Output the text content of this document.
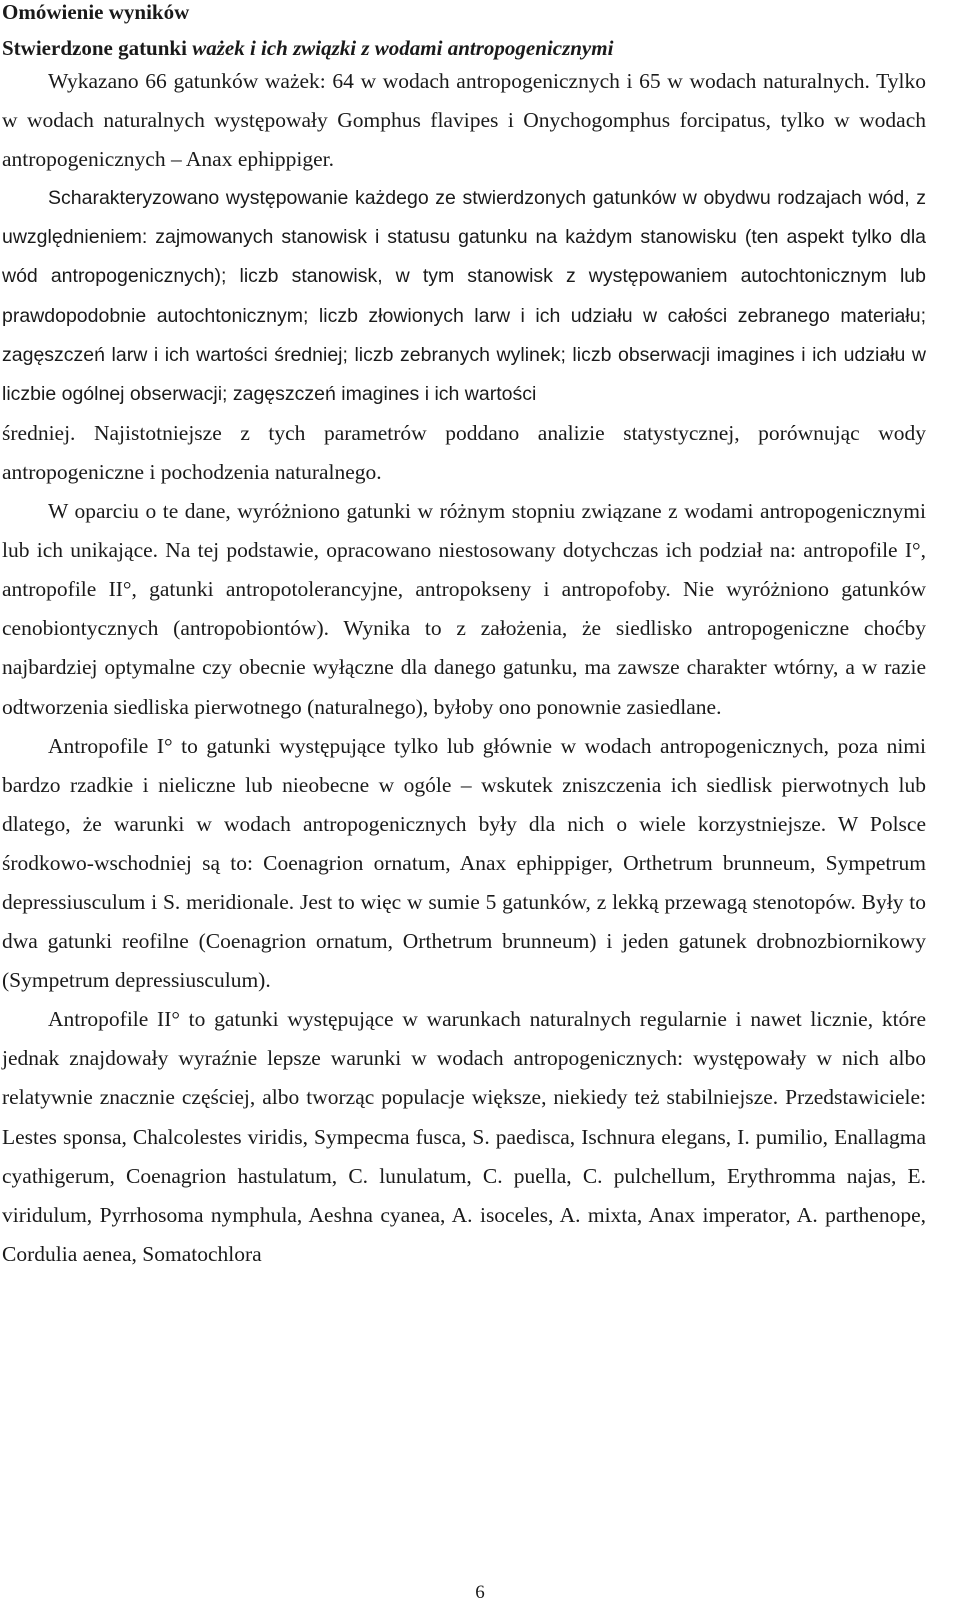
Omówienie wyników
Stwierdzone gatunki ważek i ich związki z wodami antropogenicznymi

Wykazano 66 gatunków ważek: 64 w wodach antropogenicznych i 65 w wodach naturalnych. Tylko w wodach naturalnych występowały Gomphus flavipes i Onychogomphus forcipatus, tylko w wodach antropogenicznych – Anax ephippiger.

Scharakteryzowano występowanie każdego ze stwierdzonych gatunków w obydwu rodzajach wód, z uwzględnieniem: zajmowanych stanowisk i statusu gatunku na każdym stanowisku (ten aspekt tylko dla wód antropogenicznych); liczb stanowisk, w tym stanowisk z występowaniem autochtonicznym lub prawdopodobnie autochtonicznym; liczb złowionych larw i ich udziału w całości zebranego materiału; zagęszczeń larw i ich wartości średniej; liczb zebranych wylinek; liczb obserwacji imagines i ich udziału w liczbie ogólnej obserwacji; zagęszczeń imagines i ich wartości

średniej. Najistotniejsze z tych parametrów poddano analizie statystycznej, porównując wody antropogeniczne i pochodzenia naturalnego.

W oparciu o te dane, wyróżniono gatunki w różnym stopniu związane z wodami antropogenicznymi lub ich unikające. Na tej podstawie, opracowano niestosowany dotychczas ich podział na: antropofile I°, antropofile II°, gatunki antropotolerancyjne, antropokseny i antropofoby. Nie wyróżniono gatunków cenobiontycznych (antropobiontów). Wynika to z założenia, że siedlisko antropogeniczne choćby najbardziej optymalne czy obecnie wyłączne dla danego gatunku, ma zawsze charakter wtórny, a w razie odtworzenia siedliska pierwotnego (naturalnego), byłoby ono ponownie zasiedlane.

Antropofile I° to gatunki występujące tylko lub głównie w wodach antropogenicznych, poza nimi bardzo rzadkie i nieliczne lub nieobecne w ogóle – wskutek zniszczenia ich siedlisk pierwotnych lub dlatego, że warunki w wodach antropogenicznych były dla nich o wiele korzystniejsze. W Polsce środkowo-wschodniej są to: Coenagrion ornatum, Anax ephippiger, Orthetrum brunneum, Sympetrum depressiusculum i S. meridionale. Jest to więc w sumie 5 gatunków, z lekką przewagą stenotopów. Były to dwa gatunki reofilne (Coenagrion ornatum, Orthetrum brunneum) i jeden gatunek drobnozbiornikowy (Sympetrum depressiusculum).

Antropofile II° to gatunki występujące w warunkach naturalnych regularnie i nawet licznie, które jednak znajdowały wyraźnie lepsze warunki w wodach antropogenicznych: występowały w nich albo relatywnie znacznie częściej, albo tworząc populacje większe, niekiedy też stabilniejsze. Przedstawiciele: Lestes sponsa, Chalcolestes viridis, Sympecma fusca, S. paedisca, Ischnura elegans, I. pumilio, Enallagma cyathigerum, Coenagrion hastulatum, C. lunulatum, C. puella, C. pulchellum, Erythromma najas, E. viridulum, Pyrrhosoma nymphula, Aeshna cyanea, A. isoceles, A. mixta, Anax imperator, A. parthenope, Cordulia aenea, Somatochlora

6
